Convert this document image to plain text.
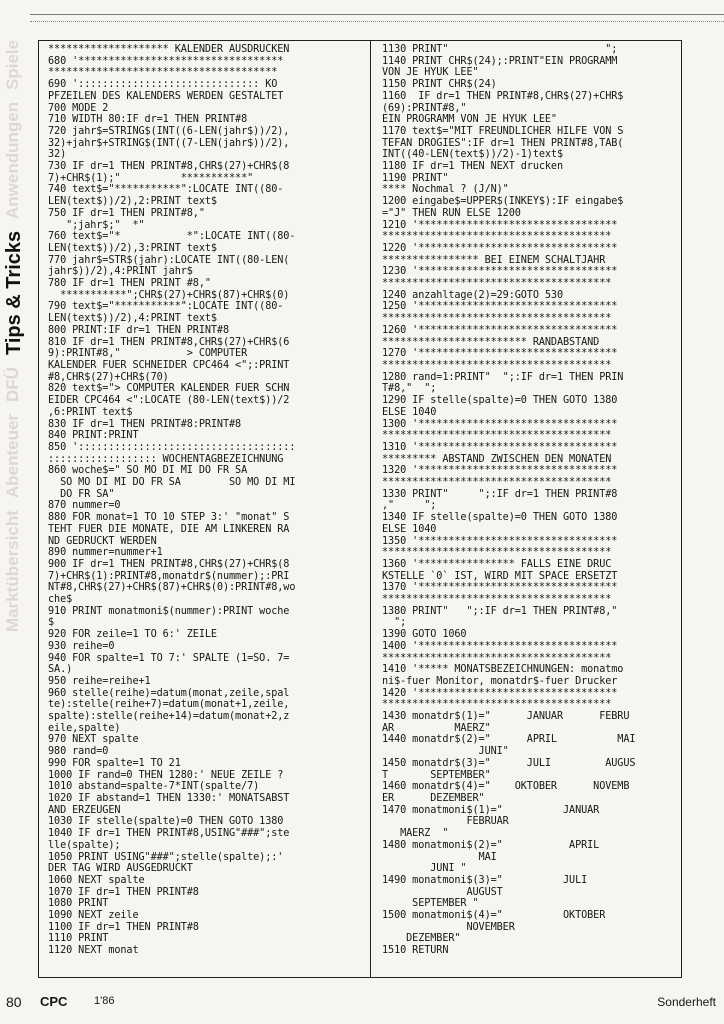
Marktübersicht
Abenteuer
DFÜ
Tips & Tricks
Anwendungen
Spiele	******************** KALENDER AUSDRUCKEN
680 '**********************************
**************************************
690 ':::::::::::::::::::::::::::::: KO
PFZEILEN DES KALENDERS WERDEN GESTALTET
700 MODE 2
710 WIDTH 80:IF dr=1 THEN PRINT#8
720 jahr$=STRING$(INT((6-LEN(jahr$))/2),
32)+jahr$+STRING$(INT((7-LEN(jahr$))/2),
32)
730 IF dr=1 THEN PRINT#8,CHR$(27)+CHR$(8
7)+CHR$(1);"          ***********"
740 text$="***********":LOCATE INT((80-
LEN(text$))/2),2:PRINT text$
750 IF dr=1 THEN PRINT#8,"
";jahr$;"  *"
760 text$="*           *":LOCATE INT((80-
LEN(text$))/2),3:PRINT text$
770 jahr$=STR$(jahr):LOCATE INT((80-LEN(
jahr$))/2),4:PRINT jahr$
780 IF dr=1 THEN PRINT #8,"
***********";CHR$(27)+CHR$(87)+CHR$(0)
790 text$="***********":LOCATE INT((80-
LEN(text$))/2),4:PRINT text$
800 PRINT:IF dr=1 THEN PRINT#8
810 IF dr=1 THEN PRINT#8,CHR$(27)+CHR$(6
9):PRINT#8,"           > COMPUTER
KALENDER FUER SCHNEIDER CPC464 <";:PRINT
#8,CHR$(27)+CHR$(70)
820 text$="> COMPUTER KALENDER FUER SCHN
EIDER CPC464 <":LOCATE (80-LEN(text$))/2
,6:PRINT text$
830 IF dr=1 THEN PRINT#8:PRINT#8
840 PRINT:PRINT
850 '::::::::::::::::::::::::::::::::::::
:::::::::::::::::: WOCHENTAGBEZEICHNUNG
860 woche$=" SO MO DI MI DO FR SA
SO MO DI MI DO FR SA        SO MO DI MI
DO FR SA"
870 nummer=0
880 FOR monat=1 TO 10 STEP 3:' "monat" S
TEHT FUER DIE MONATE, DIE AM LINKEREN RA
ND GEDRUCKT WERDEN
890 nummer=nummer+1
900 IF dr=1 THEN PRINT#8,CHR$(27)+CHR$(8
7)+CHR$(1):PRINT#8,monatdr$(nummer);:PRI
NT#8,CHR$(27)+CHR$(87)+CHR$(0):PRINT#8,wo
che$
910 PRINT monatmoni$(nummer):PRINT woche
$
920 FOR zeile=1 TO 6:' ZEILE
930 reihe=0
940 FOR spalte=1 TO 7:' SPALTE (1=SO. 7=
SA.)
950 reihe=reihe+1
960 stelle(reihe)=datum(monat,zeile,spal
te):stelle(reihe+7)=datum(monat+1,zeile,
spalte):stelle(reihe+14)=datum(monat+2,z
eile,spalte)
970 NEXT spalte
980 rand=0
990 FOR spalte=1 TO 21
1000 IF rand=0 THEN 1280:' NEUE ZEILE ?
1010 abstand=spalte-7*INT(spalte/7)
1020 IF abstand=1 THEN 1330:' MONATSABST
AND ERZEUGEN
1030 IF stelle(spalte)=0 THEN GOTO 1380
1040 IF dr=1 THEN PRINT#8,USING"###";ste
lle(spalte);
1050 PRINT USING"###";stelle(spalte);:'
DER TAG WIRD AUSGEDRUCKT
1060 NEXT spalte
1070 IF dr=1 THEN PRINT#8
1080 PRINT
1090 NEXT zeile
1100 IF dr=1 THEN PRINT#8
1110 PRINT
1120 NEXT monat
1130 PRINT"                          ";
1140 PRINT CHR$(24);:PRINT"EIN PROGRAMM
VON JE HYUK LEE"
1150 PRINT CHR$(24)
1160  IF dr=1 THEN PRINT#8,CHR$(27)+CHR$
(69):PRINT#8,"
EIN PROGRAMM VON JE HYUK LEE"
1170 text$="MIT FREUNDLICHER HILFE VON S
TEFAN DROGIES":IF dr=1 THEN PRINT#8,TAB(
INT((40-LEN(text$))/2)-1)text$
1180 IF dr=1 THEN NEXT drucken
1190 PRINT"
**** Nochmal ? (J/N)"
1200 eingabe$=UPPER$(INKEY$):IF eingabe$
="J" THEN RUN ELSE 1200
1210 '*********************************
**************************************
1220 '*********************************
**************** BEI EINEM SCHALTJAHR
1230 '*********************************
**************************************
1240 anzahltage(2)=29:GOTO 530
1250 '*********************************
**************************************
1260 '*********************************
************************ RANDABSTAND
1270 '*********************************
**************************************
1280 rand=1:PRINT"  ";:IF dr=1 THEN PRIN
T#8,"  ";
1290 IF stelle(spalte)=0 THEN GOTO 1380
ELSE 1040
1300 '*********************************
**************************************
1310 '*********************************
********* ABSTAND ZWISCHEN DEN MONATEN
1320 '*********************************
**************************************
1330 PRINT"     ";:IF dr=1 THEN PRINT#8
,"     ";
1340 IF stelle(spalte)=0 THEN GOTO 1380
ELSE 1040
1350 '*********************************
**************************************
1360 '**************** FALLS EINE DRUC
KSTELLE `0` IST, WIRD MIT SPACE ERSETZT
1370 '*********************************
**************************************
1380 PRINT"   ";:IF dr=1 THEN PRINT#8,"
";
1390 GOTO 1060
1400 '*********************************
**************************************
1410 '***** MONATSBEZEICHNUNGEN: monatmo
ni$-fuer Monitor, monatdr$-fuer Drucker
1420 '*********************************
**************************************
1430 monatdr$(1)="      JANUAR      FEBRU
AR          MAERZ"
1440 monatdr$(2)="      APRIL          MAI
JUNI"
1450 monatdr$(3)="      JULI         AUGUS
T       SEPTEMBER"
1460 monatdr$(4)="    OKTOBER      NOVEMB
ER      DEZEMBER"
1470 monatmoni$(1)="          JANUAR
FEBRUAR
MAERZ  "
1480 monatmoni$(2)="           APRIL
MAI
JUNI "
1490 monatmoni$(3)="          JULI
AUGUST
SEPTEMBER "
1500 monatmoni$(4)="          OKTOBER
NOVEMBER
DEZEMBER"
1510 RETURN
80 CPC 1'86	Sonderheft
